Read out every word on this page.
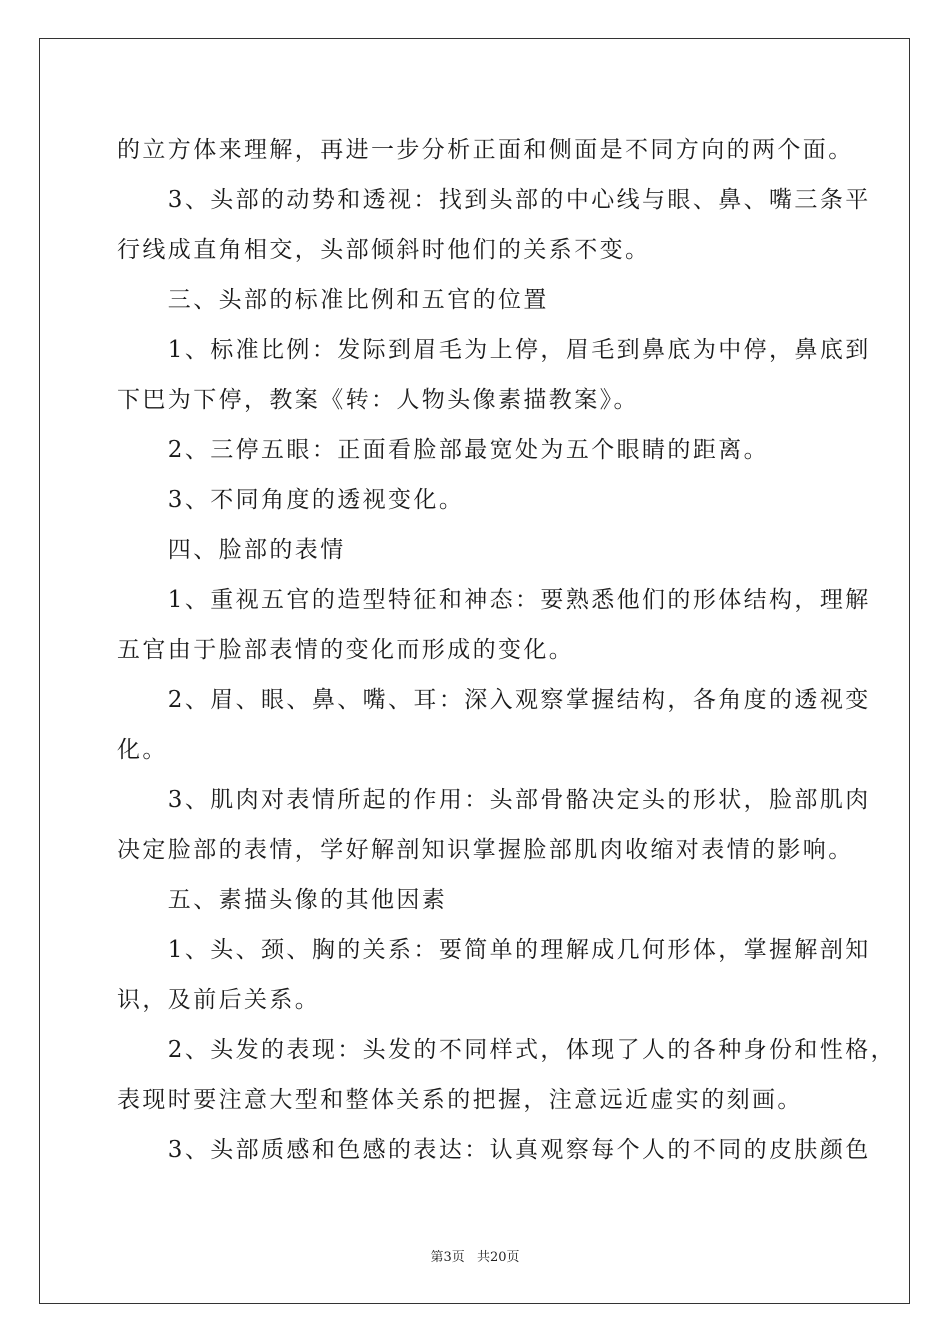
的立方体来理解，再进一步分析正面和侧面是不同方向的两个面。
　　3、头部的动势和透视：找到头部的中心线与眼、鼻、嘴三条平
行线成直角相交，头部倾斜时他们的关系不变。
　　三、头部的标准比例和五官的位置
　　1、标准比例：发际到眉毛为上停，眉毛到鼻底为中停，鼻底到
下巴为下停，教案《转：人物头像素描教案》。
　　2、三停五眼：正面看脸部最宽处为五个眼睛的距离。
　　3、不同角度的透视变化。
　　四、脸部的表情
　　1、重视五官的造型特征和神态：要熟悉他们的形体结构，理解
五官由于脸部表情的变化而形成的变化。
　　2、眉、眼、鼻、嘴、耳：深入观察掌握结构，各角度的透视变
化。
　　3、肌肉对表情所起的作用：头部骨骼决定头的形状，脸部肌肉
决定脸部的表情，学好解剖知识掌握脸部肌肉收缩对表情的影响。
　　五、素描头像的其他因素
　　1、头、颈、胸的关系：要简单的理解成几何形体，掌握解剖知
识，及前后关系。
　　2、头发的表现：头发的不同样式，体现了人的各种身份和性格，
表现时要注意大型和整体关系的把握，注意远近虚实的刻画。
　　3、头部质感和色感的表达：认真观察每个人的不同的皮肤颜色
第3页 共20页
